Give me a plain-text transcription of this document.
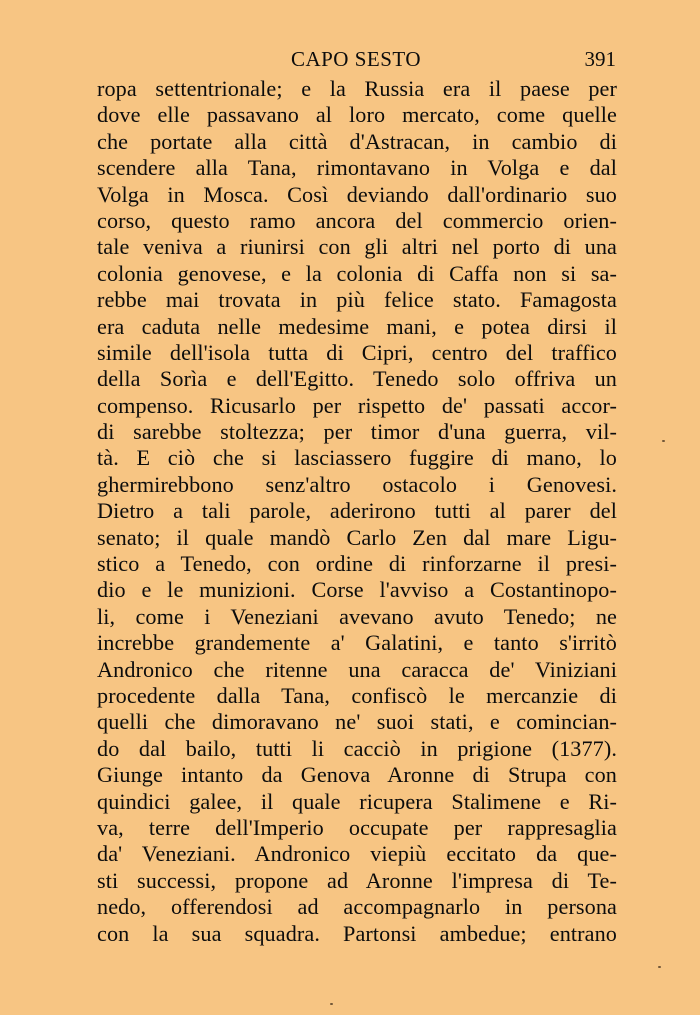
CAPO SESTO	391
ropa settentrionale; e la Russia era il paese per
dove elle passavano al loro mercato, come quelle
che portate alla città d'Astracan, in cambio di
scendere alla Tana, rimontavano in Volga e dal
Volga in Mosca. Così deviando dall'ordinario suo
corso, questo ramo ancora del commercio orien-
tale veniva a riunirsi con gli altri nel porto di una
colonia genovese, e la colonia di Caffa non si sa-
rebbe mai trovata in più felice stato. Famagosta
era caduta nelle medesime mani, e potea dirsi il
simile dell'isola tutta di Cipri, centro del traffico
della Sorìa e dell'Egitto. Tenedo solo offriva un
compenso. Ricusarlo per rispetto de' passati accor-
di sarebbe stoltezza; per timor d'una guerra, vil-
tà. E ciò che si lasciassero fuggire di mano, lo
ghermirebbono senz'altro ostacolo i Genovesi.
Dietro a tali parole, aderirono tutti al parer del
senato; il quale mandò Carlo Zen dal mare Ligu-
stico a Tenedo, con ordine di rinforzarne il presi-
dio e le munizioni. Corse l'avviso a Costantinopo-
li, come i Veneziani avevano avuto Tenedo; ne
increbbe grandemente a' Galatini, e tanto s'irritò
Andronico che ritenne una caracca de' Viniziani
procedente dalla Tana, confiscò le mercanzie di
quelli che dimoravano ne' suoi stati, e comincian-
do dal bailo, tutti li cacciò in prigione (1377).
Giunge intanto da Genova Aronne di Strupa con
quindici galee, il quale ricupera Stalimene e Ri-
va, terre dell'Imperio occupate per rappresaglia
da' Veneziani. Andronico viepiù eccitato da que-
sti successi, propone ad Aronne l'impresa di Te-
nedo, offerendosi ad accompagnarlo in persona
con la sua squadra. Partonsi ambedue; entrano
